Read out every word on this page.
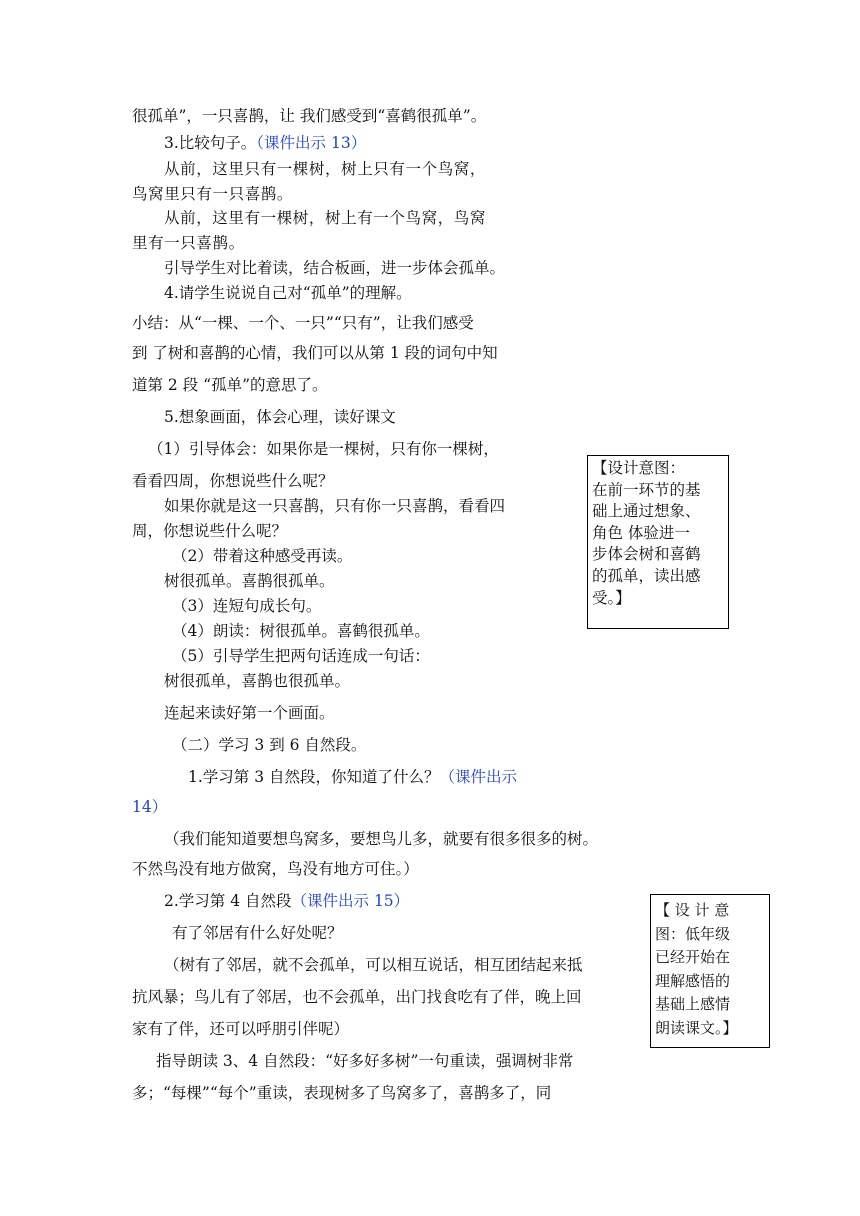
很孤单”，一只喜鹊，让 我们感受到“喜鹤很孤单”。
3.比较句子。（课件出示 13）
从前，这里只有一棵树，树上只有一个鸟窝，
鸟窝里只有一只喜鹊。
从前，这里有一棵树，树上有一个鸟窝，鸟窝
里有一只喜鹊。
引导学生对比着读，结合板画，进一步体会孤单。
4.请学生说说自己对“孤单”的理解。
小结：从“一棵、一个、一只”“只有”，让我们感受
到 了树和喜鹊的心情，我们可以从第 1 段的词句中知
道第 2 段 “孤单”的意思了。
5.想象画面，体会心理，读好课文
（1）引导体会：如果你是一棵树，只有你一棵树，
看看四周，你想说些什么呢？
如果你就是这一只喜鹊，只有你一只喜鹊，看看四
周，你想说些什么呢？
（2）带着这种感受再读。
树很孤单。喜鹊很孤单。
（3）连短句成长句。
（4）朗读：树很孤单。喜鹤很孤单。
（5）引导学生把两句话连成一句话：
树很孤单，喜鹊也很孤单。
连起来读好第一个画面。
（二）学习 3 到 6 自然段。
1.学习第 3 自然段，你知道了什么？（课件出示
14）
（我们能知道要想鸟窝多，要想鸟儿多，就要有很多很多的树。
不然鸟没有地方做窝，鸟没有地方可住。）
2.学习第 4 自然段（课件出示 15）
有了邻居有什么好处呢？
（树有了邻居，就不会孤单，可以相互说话，相互团结起来抵
抗风暴；鸟儿有了邻居，也不会孤单，出门找食吃有了伴，晚上回
家有了伴，还可以呼朋引伴呢）
指导朗读 3、4 自然段：“好多好多树”一句重读，强调树非常
多；“每棵”“每个”重读，表现树多了鸟窝多了，喜鹊多了，同
【设计意图：
在前一环节的基
础上通过想象、
角色 体验进一
步体会树和喜鹤
的孤单，读出感
受。】
【 设 计 意
图：低年级
已经开始在
理解感悟的
基础上感情
朗读课文。】
